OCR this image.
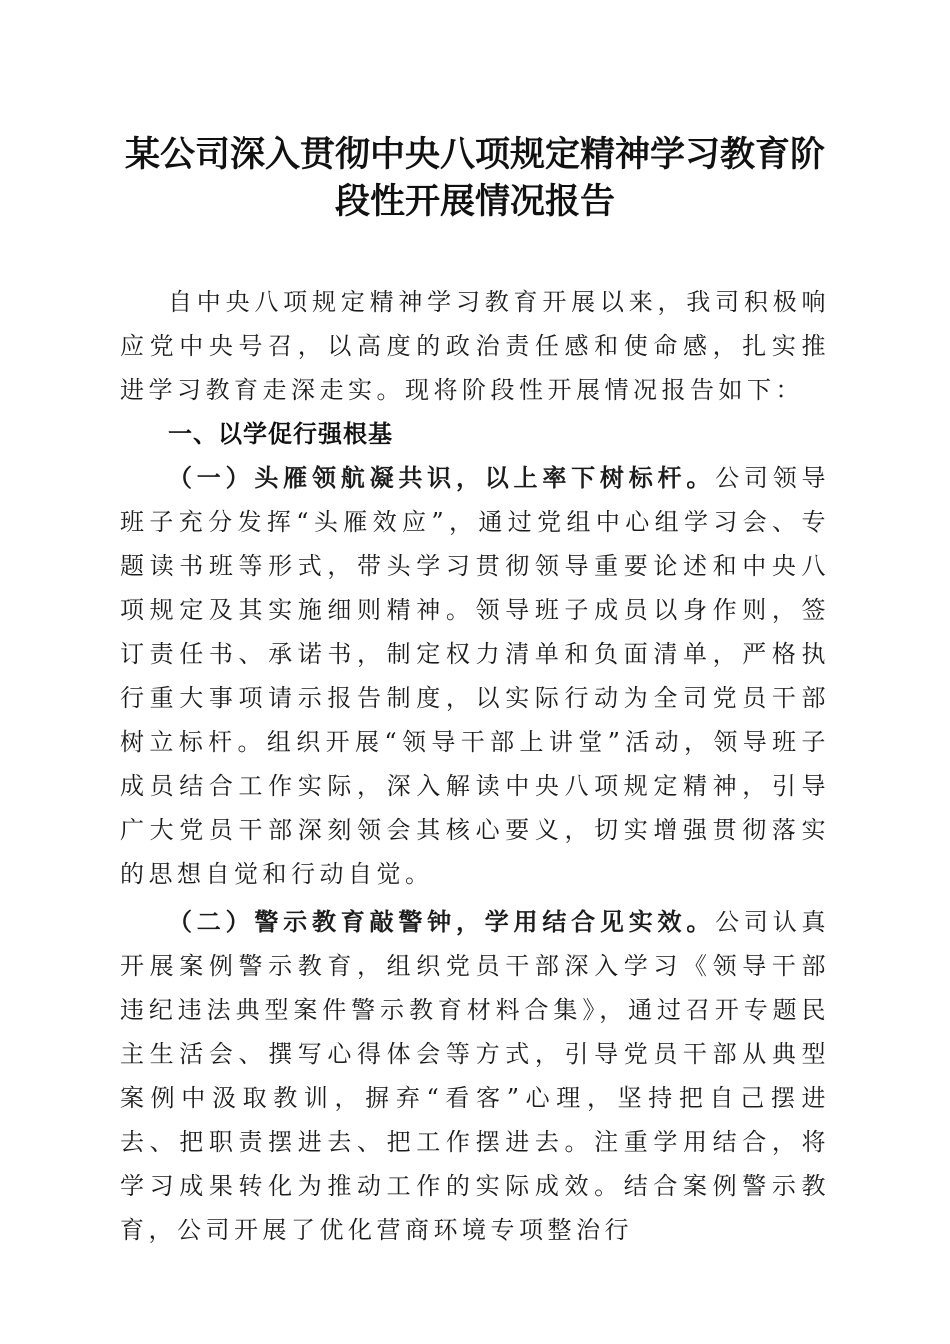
某公司深入贯彻中央八项规定精神学习教育阶段性开展情况报告

自中央八项规定精神学习教育开展以来，我司积极响应党中央号召，以高度的政治责任感和使命感，扎实推进学习教育走深走实。现将阶段性开展情况报告如下：

一、以学促行强根基

（一）头雁领航凝共识，以上率下树标杆。公司领导班子充分发挥“头雁效应”，通过党组中心组学习会、专题读书班等形式，带头学习贯彻领导重要论述和中央八项规定及其实施细则精神。领导班子成员以身作则，签订责任书、承诺书，制定权力清单和负面清单，严格执行重大事项请示报告制度，以实际行动为全司党员干部树立标杆。组织开展“领导干部上讲堂”活动，领导班子成员结合工作实际，深入解读中央八项规定精神，引导广大党员干部深刻领会其核心要义，切实增强贯彻落实的思想自觉和行动自觉。

（二）警示教育敲警钟，学用结合见实效。公司认真开展案例警示教育，组织党员干部深入学习《领导干部违纪违法典型案件警示教育材料合集》，通过召开专题民主生活会、撰写心得体会等方式，引导党员干部从典型案例中汲取教训，摒弃“看客”心理，坚持把自己摆进去、把职责摆进去、把工作摆进去。注重学用结合，将学习成果转化为推动工作的实际成效。结合案例警示教育，公司开展了优化营商环境专项整治行
